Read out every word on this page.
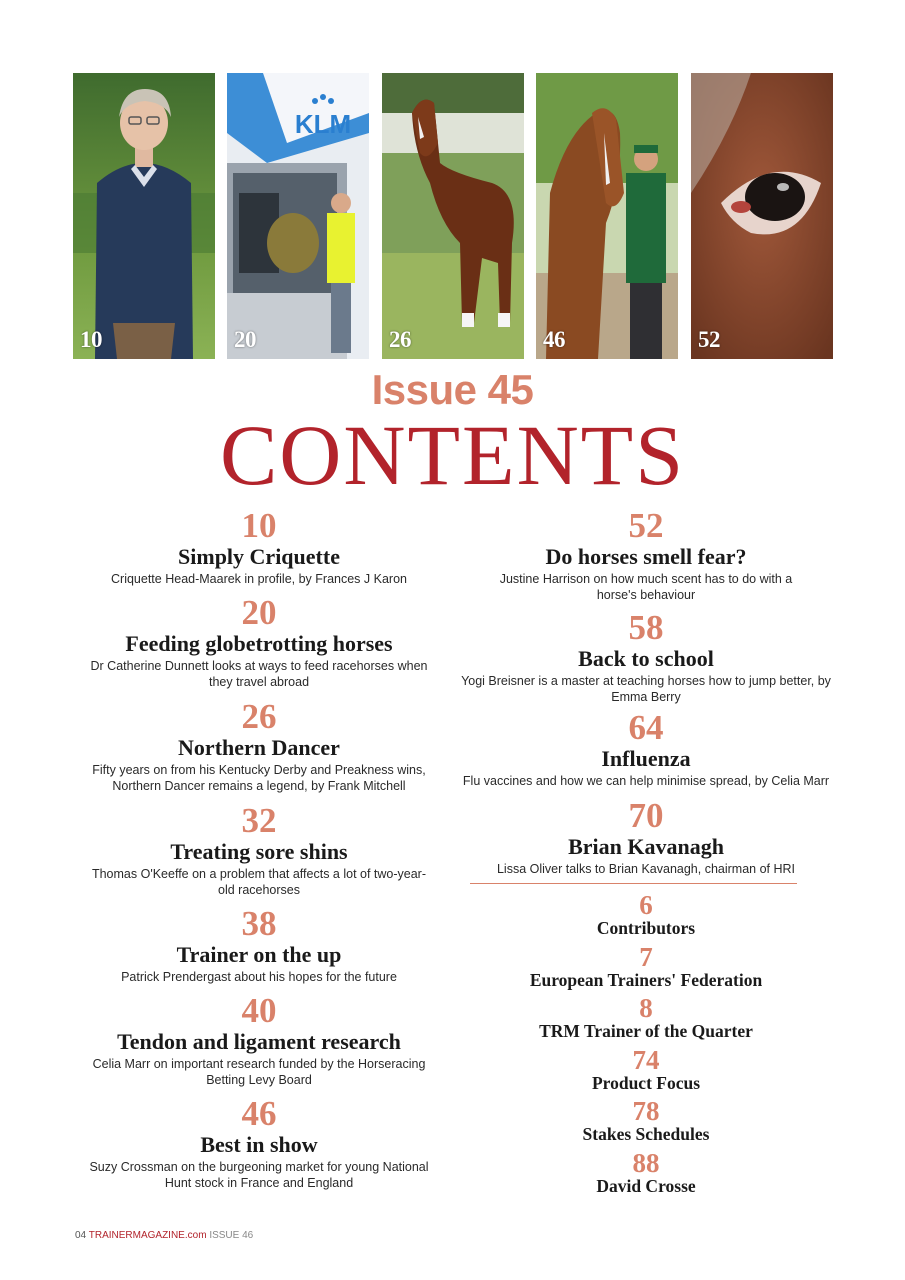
10
KLM
20	26	46	52
Issue 45
CONTENTS
10
Simply Criquette
Criquette Head-Maarek in profile, by Frances J Karon
20
Feeding globetrotting horses
Dr Catherine Dunnett looks at ways to feed racehorses when they travel abroad
26
Northern Dancer
Fifty years on from his Kentucky Derby and Preakness wins, Northern Dancer remains a legend, by Frank Mitchell
32
Treating sore shins
Thomas O'Keeffe on a problem that affects a lot of two-year-old racehorses
38
Trainer on the up
Patrick Prendergast about his hopes for the future
40
Tendon and ligament research
Celia Marr on important research funded by the Horseracing Betting Levy Board
46
Best in show
Suzy Crossman on the burgeoning market for young National Hunt stock in France and England
52
Do horses smell fear?
Justine Harrison on how much scent has to do with a horse's behaviour
58
Back to school
Yogi Breisner is a master at teaching horses how to jump better, by Emma Berry
64
Influenza
Flu vaccines and how we can help minimise spread, by Celia Marr
70
Brian Kavanagh
Lissa Oliver talks to Brian Kavanagh, chairman of HRI
6
Contributors
7
European Trainers' Federation
8
TRM Trainer of the Quarter
74
Product Focus
78
Stakes Schedules
88
David Crosse
04 TRAINERMAGAZINE.com ISSUE 46
